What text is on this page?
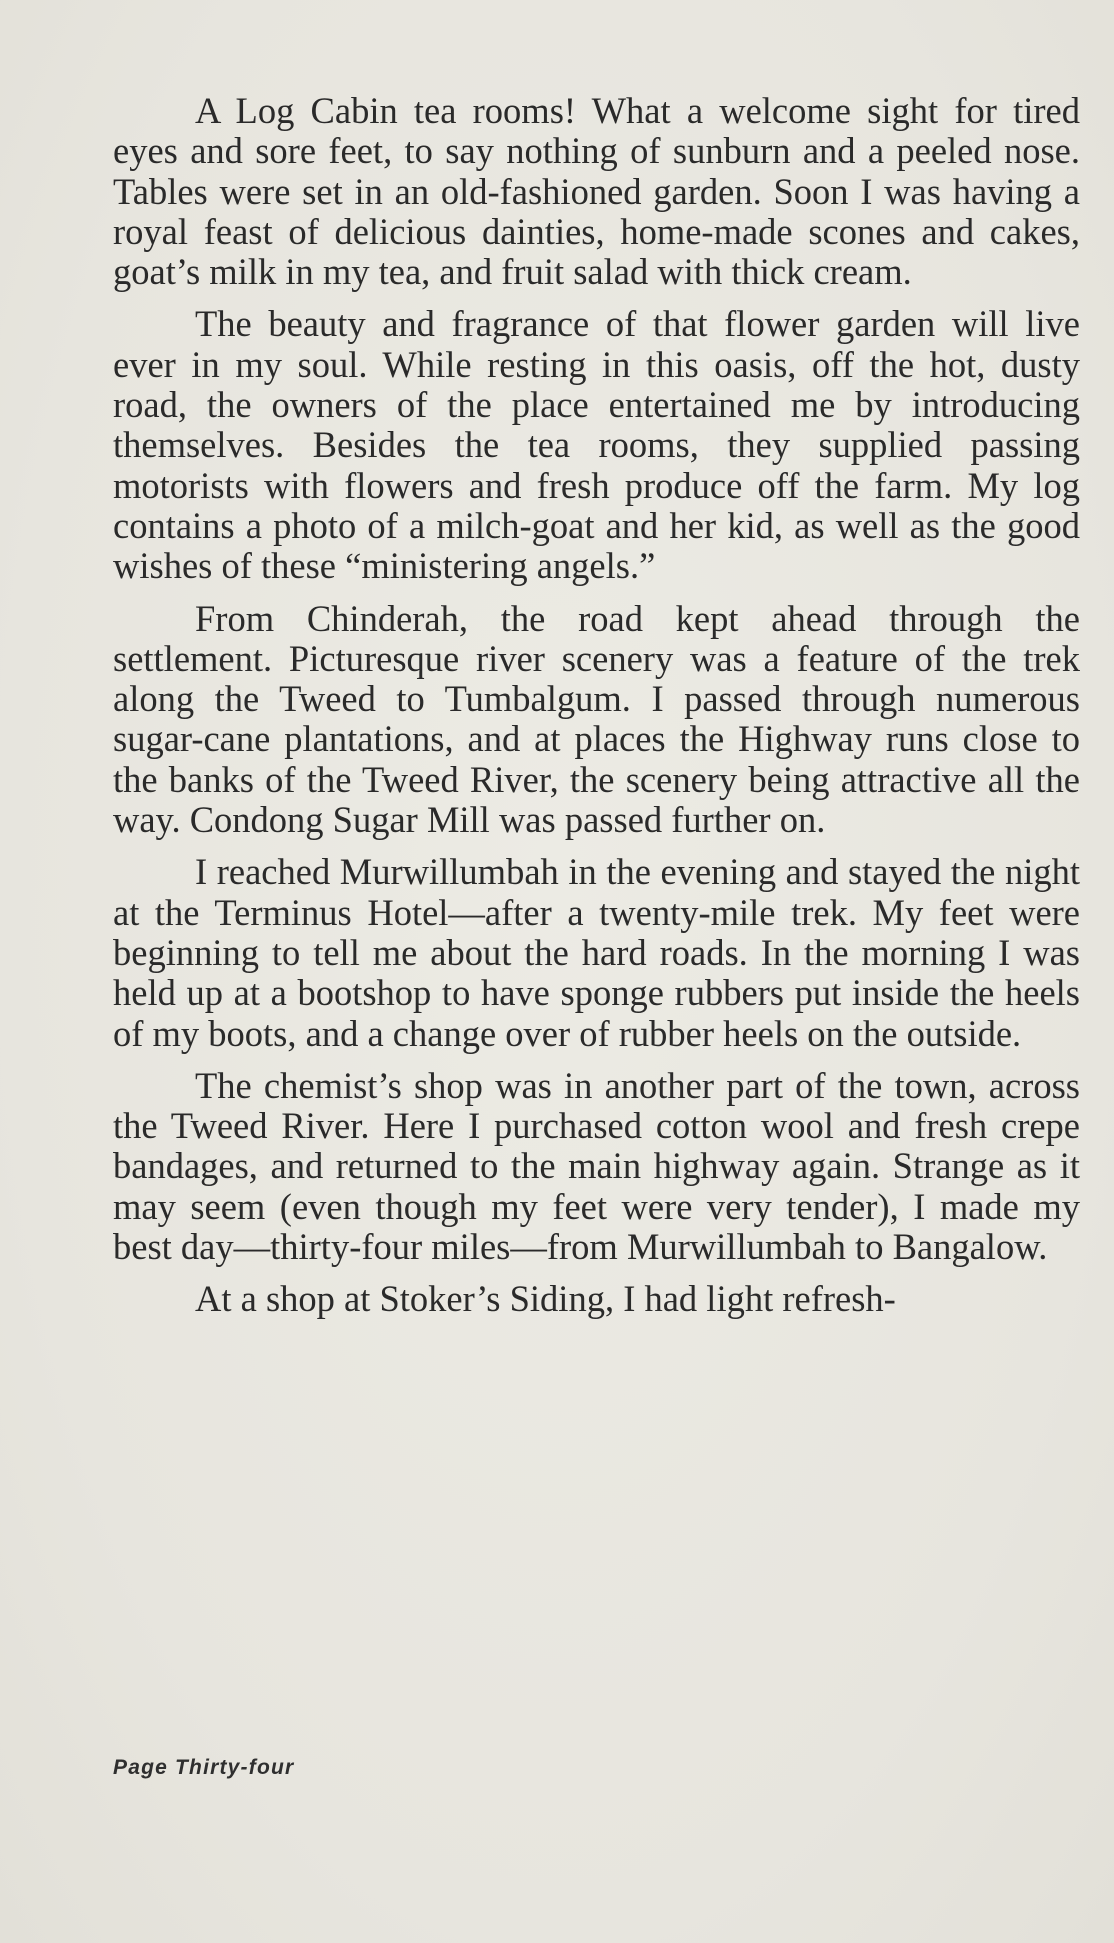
A Log Cabin tea rooms! What a welcome sight for tired eyes and sore feet, to say nothing of sunburn and a peeled nose. Tables were set in an old-fashioned garden. Soon I was having a royal feast of delicious dainties, home-made scones and cakes, goat’s milk in my tea, and fruit salad with thick cream.

The beauty and fragrance of that flower garden will live ever in my soul. While resting in this oasis, off the hot, dusty road, the owners of the place entertained me by introducing themselves. Besides the tea rooms, they supplied passing motorists with flowers and fresh produce off the farm. My log contains a photo of a milch-goat and her kid, as well as the good wishes of these “ministering angels.”

From Chinderah, the road kept ahead through the settlement. Picturesque river scenery was a feature of the trek along the Tweed to Tumbalgum. I passed through numerous sugar-cane plantations, and at places the Highway runs close to the banks of the Tweed River, the scenery being attractive all the way. Condong Sugar Mill was passed further on.

I reached Murwillumbah in the evening and stayed the night at the Terminus Hotel—after a twenty-mile trek. My feet were beginning to tell me about the hard roads. In the morning I was held up at a bootshop to have sponge rubbers put inside the heels of my boots, and a change over of rubber heels on the outside.

The chemist’s shop was in another part of the town, across the Tweed River. Here I purchased cotton wool and fresh crepe bandages, and returned to the main highway again. Strange as it may seem (even though my feet were very tender), I made my best day—thirty-four miles—from Murwillumbah to Bangalow.

At a shop at Stoker’s Siding, I had light refresh-

Page Thirty-four
